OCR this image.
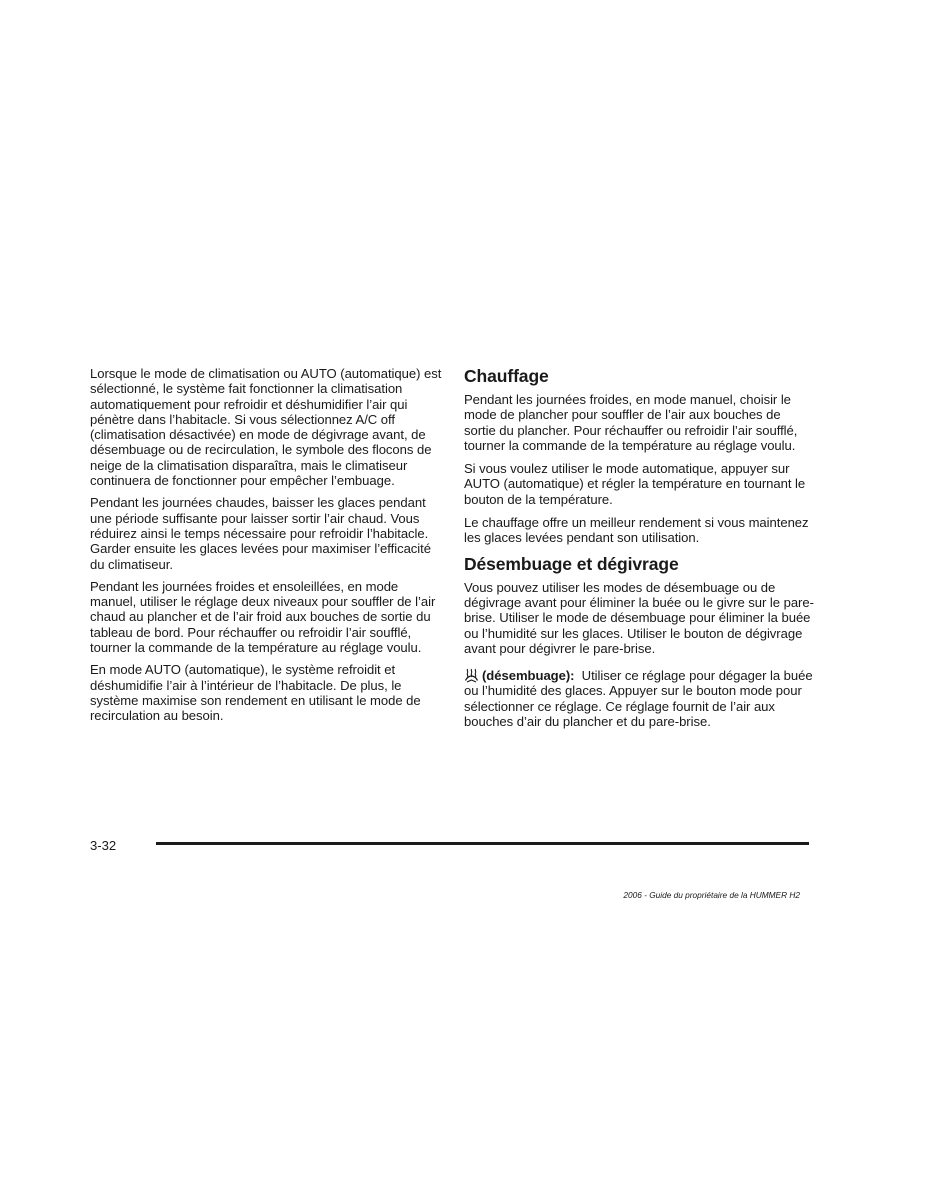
Lorsque le mode de climatisation ou AUTO (automatique) est sélectionné, le système fait fonctionner la climatisation automatiquement pour refroidir et déshumidifier l’air qui pénètre dans l’habitacle. Si vous sélectionnez A/C off (climatisation désactivée) en mode de dégivrage avant, de désembuage ou de recirculation, le symbole des flocons de neige de la climatisation disparaîtra, mais le climatiseur continuera de fonctionner pour empêcher l’embuage.

Pendant les journées chaudes, baisser les glaces pendant une période suffisante pour laisser sortir l’air chaud. Vous réduirez ainsi le temps nécessaire pour refroidir l’habitacle. Garder ensuite les glaces levées pour maximiser l’efficacité du climatiseur.

Pendant les journées froides et ensoleillées, en mode manuel, utiliser le réglage deux niveaux pour souffler de l’air chaud au plancher et de l’air froid aux bouches de sortie du tableau de bord. Pour réchauffer ou refroidir l’air soufflé, tourner la commande de la température au réglage voulu.

En mode AUTO (automatique), le système refroidit et déshumidifie l’air à l’intérieur de l’habitacle. De plus, le système maximise son rendement en utilisant le mode de recirculation au besoin.

Chauffage

Pendant les journées froides, en mode manuel, choisir le mode de plancher pour souffler de l’air aux bouches de sortie du plancher. Pour réchauffer ou refroidir l’air soufflé, tourner la commande de la température au réglage voulu.

Si vous voulez utiliser le mode automatique, appuyer sur AUTO (automatique) et régler la température en tournant le bouton de la température.

Le chauffage offre un meilleur rendement si vous maintenez les glaces levées pendant son utilisation.

Désembuage et dégivrage

Vous pouvez utiliser les modes de désembuage ou de dégivrage avant pour éliminer la buée ou le givre sur le pare-brise. Utiliser le mode de désembuage pour éliminer la buée ou l’humidité sur les glaces. Utiliser le bouton de dégivrage avant pour dégivrer le pare-brise.

(désembuage): Utiliser ce réglage pour dégager la buée ou l’humidité des glaces. Appuyer sur le bouton mode pour sélectionner ce réglage. Ce réglage fournit de l’air aux bouches d’air du plancher et du pare-brise.

3-32
2006 - Guide du propriétaire de la HUMMER H2
